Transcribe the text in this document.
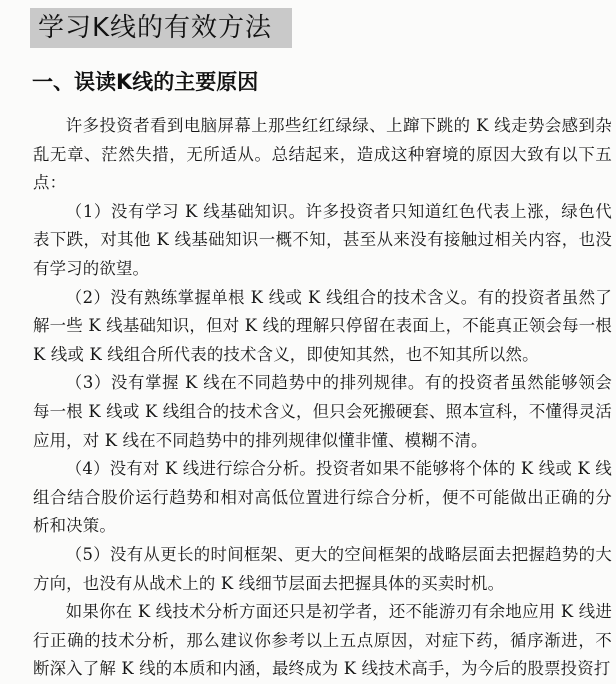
学习K线的有效方法
一、误读K线的主要原因

许多投资者看到电脑屏幕上那些红红绿绿、上蹿下跳的 K 线走势会感到杂乱无章、茫然失措，无所适从。总结起来，造成这种窘境的原因大致有以下五点：

（1）没有学习 K 线基础知识。许多投资者只知道红色代表上涨，绿色代表下跌，对其他 K 线基础知识一概不知，甚至从来没有接触过相关内容，也没有学习的欲望。

（2）没有熟练掌握单根 K 线或 K 线组合的技术含义。有的投资者虽然了解一些 K 线基础知识，但对 K 线的理解只停留在表面上，不能真正领会每一根 K 线或 K 线组合所代表的技术含义，即使知其然，也不知其所以然。

（3）没有掌握 K 线在不同趋势中的排列规律。有的投资者虽然能够领会每一根 K 线或 K 线组合的技术含义，但只会死搬硬套、照本宣科，不懂得灵活应用，对 K 线在不同趋势中的排列规律似懂非懂、模糊不清。

（4）没有对 K 线进行综合分析。投资者如果不能够将个体的 K 线或 K 线组合结合股价运行趋势和相对高低位置进行综合分析，便不可能做出正确的分析和决策。

（5）没有从更长的时间框架、更大的空间框架的战略层面去把握趋势的大方向，也没有从战术上的 K 线细节层面去把握具体的买卖时机。

如果你在 K 线技术分析方面还只是初学者，还不能游刃有余地应用 K 线进行正确的技术分析，那么建议你参考以上五点原因，对症下药，循序渐进，不断深入了解 K 线的本质和内涵，最终成为 K 线技术高手，为今后的股票投资打
